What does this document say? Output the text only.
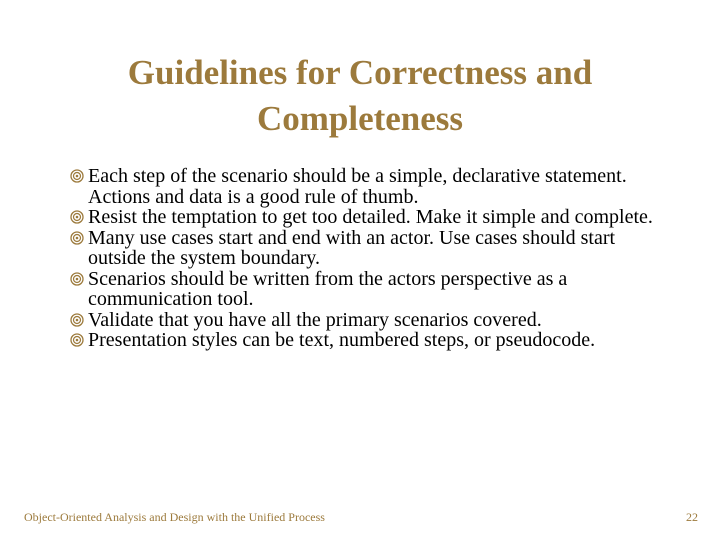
Guidelines for Correctness and
Completeness
Each step of the scenario should be a simple, declarative statement. Actions and data is a good rule of thumb.
Resist the temptation to get too detailed. Make it simple and complete.
Many use cases start and end with an actor. Use cases should start outside the system boundary.
Scenarios should be written from the actors perspective as a communication tool.
Validate that you have all the primary scenarios covered.
Presentation styles can be text, numbered steps, or pseudocode.
Object-Oriented Analysis and Design with the Unified Process	22
